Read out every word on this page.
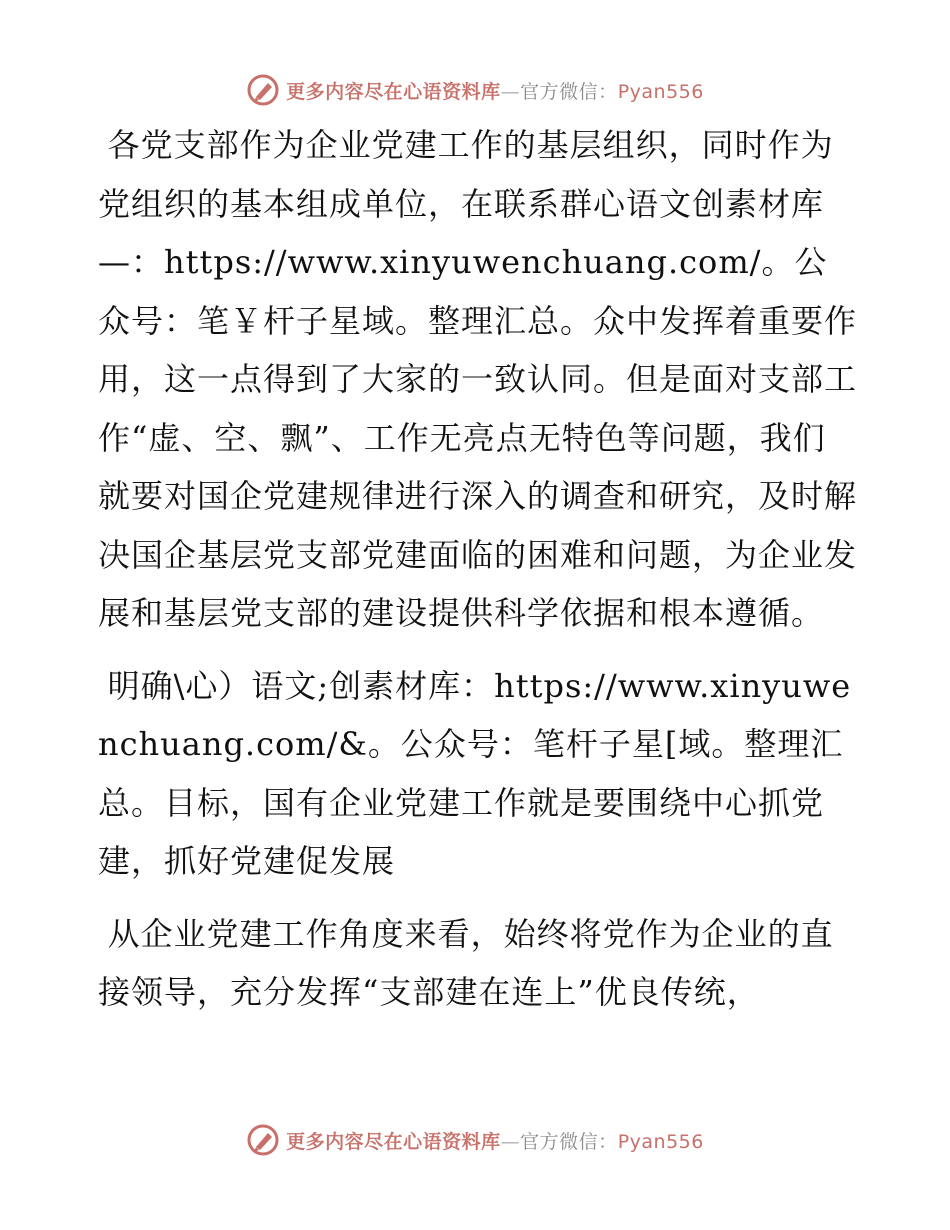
更多内容尽在心语资料库—官方微信：Pyan556

各党支部作为企业党建工作的基层组织，同时作为党组织的基本组成单位，在联系群心语文创素材库—：https://www.xinyuwenchuang.com/。公众号：笔￥杆子星域。整理汇总。众中发挥着重要作用，这一点得到了大家的一致认同。但是面对支部工作“虚、空、飘”、工作无亮点无特色等问题，我们就要对国企党建规律进行深入的调查和研究，及时解决国企基层党支部党建面临的困难和问题，为企业发展和基层党支部的建设提供科学依据和根本遵循。

明确\心）语文;创素材库：https://www.xinyuwenchuang.com/&。公众号：笔杆子星[域。整理汇总。目标，国有企业党建工作就是要围绕中心抓党建，抓好党建促发展

从企业党建工作角度来看，始终将党作为企业的直接领导，充分发挥“支部建在连上”优良传统，

更多内容尽在心语资料库—官方微信：Pyan556
